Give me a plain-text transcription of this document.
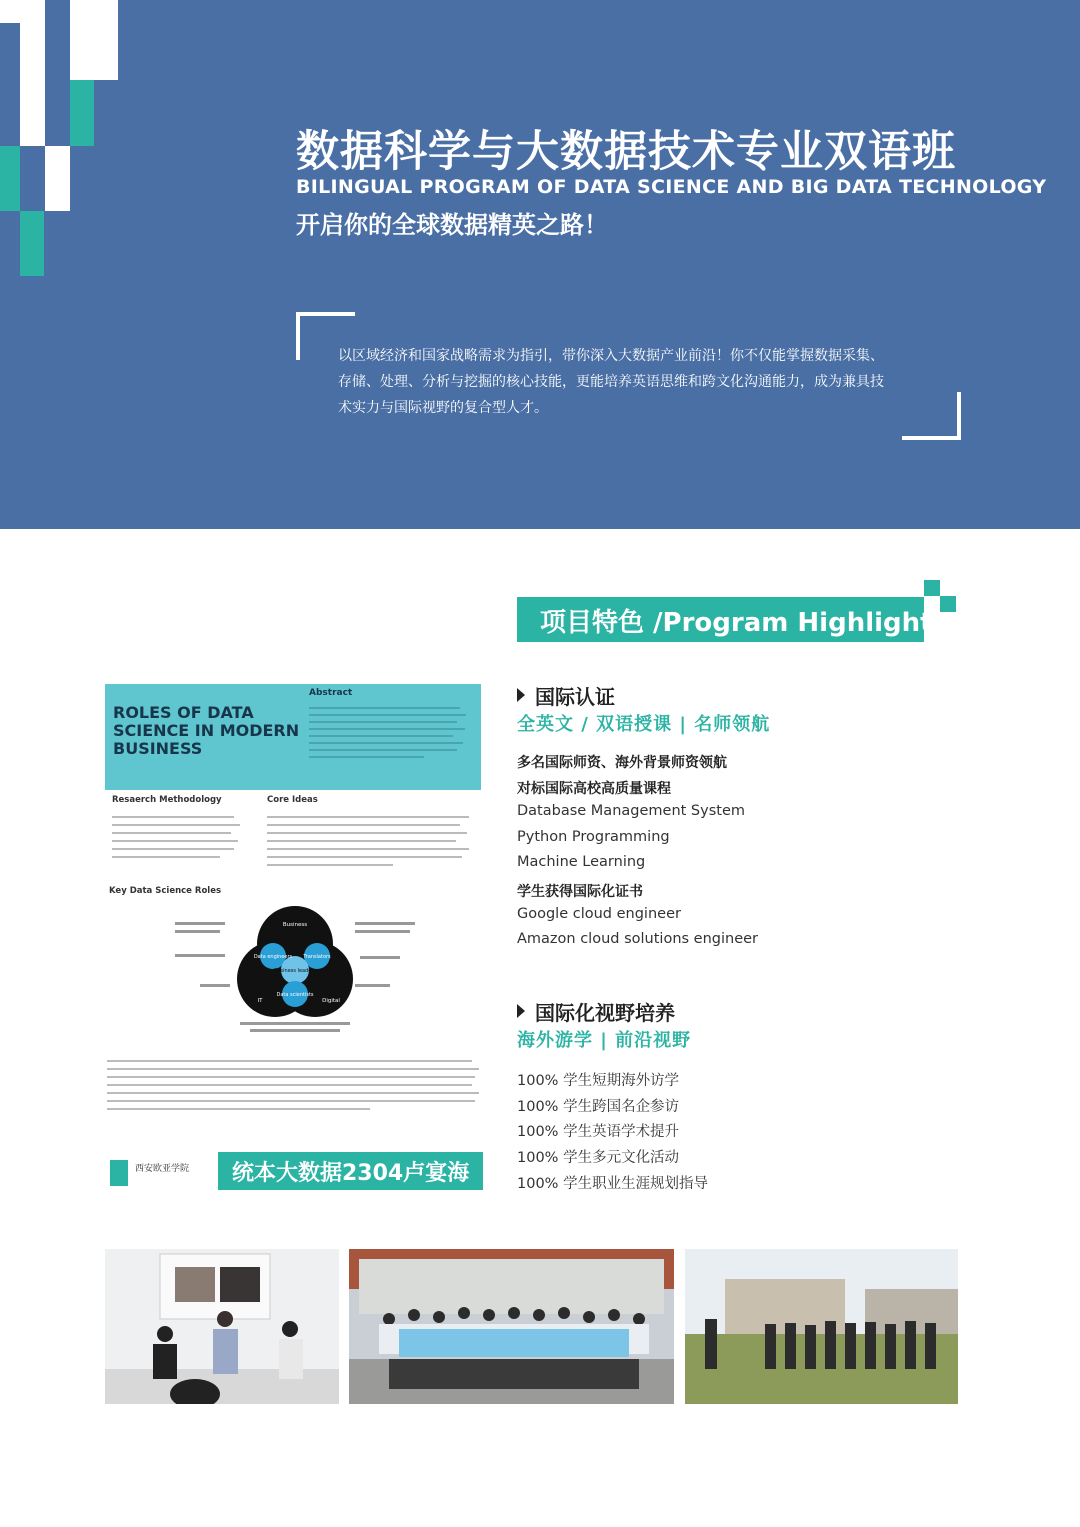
数据科学与大数据技术专业双语班
BILINGUAL PROGRAM OF DATA SCIENCE AND BIG DATA TECHNOLOGY
开启你的全球数据精英之路！
以区域经济和国家战略需求为指引，带你深入大数据产业前沿！你不仅能掌握数据采集、
存储、处理、分析与挖掘的核心技能，更能培养英语思维和跨文化沟通能力，成为兼具技
术实力与国际视野的复合型人才。
项目特色 /Program Highlights
国际认证
全英文 / 双语授课 | 名师领航
多名国际师资、海外背景师资领航
对标国际高校高质量课程
Database Management System
Python Programming
Machine Learning
学生获得国际化证书
Google cloud engineer
Amazon cloud solutions engineer
国际化视野培养
海外游学 | 前沿视野
100% 学生短期海外访学
100% 学生跨国名企参访
100% 学生英语学术提升
100% 学生多元文化活动
100% 学生职业生涯规划指导
ROLES OF DATA SCIENCE IN MODERN BUSINESS
Abstract
Resaerch Methodology	Core Ideas
Key Data Science Roles
Business
Data engineers Translators
Business leaders
IT
Data scientists
Digital
西安欧亚学院 统本大数据2304卢宴海
